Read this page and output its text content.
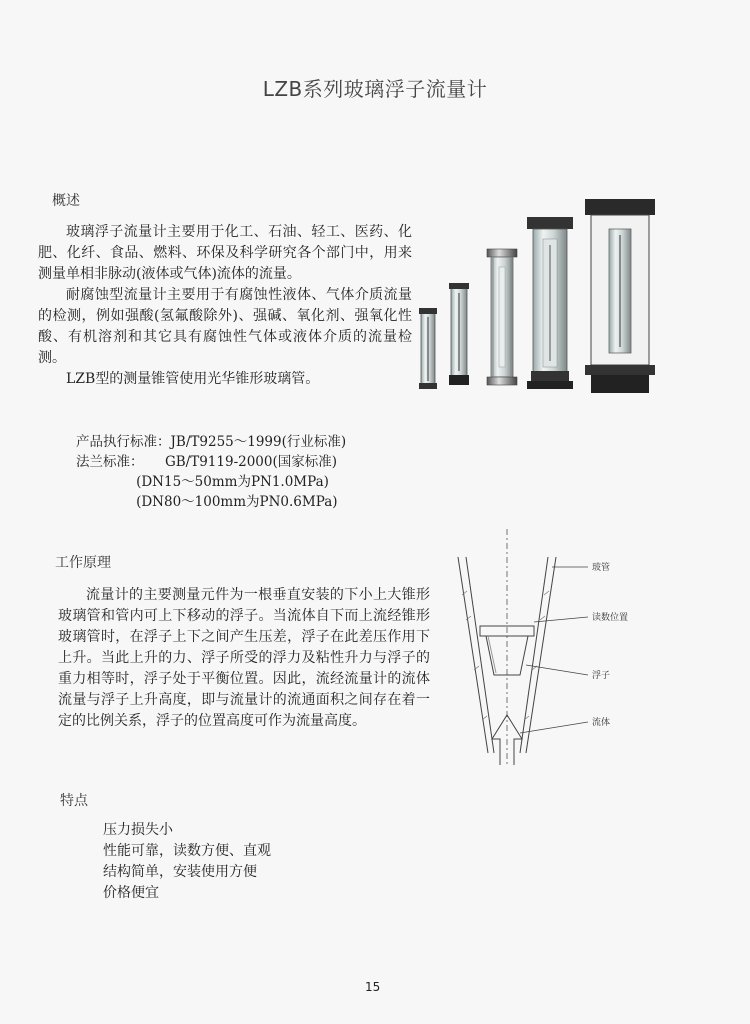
LZB系列玻璃浮子流量计
概述

玻璃浮子流量计主要用于化工、石油、轻工、医药、化肥、化纤、食品、燃料、环保及科学研究各个部门中，用来测量单相非脉动(液体或气体)流体的流量。

耐腐蚀型流量计主要用于有腐蚀性液体、气体介质流量的检测，例如强酸(氢氟酸除外)、强碱、氧化剂、强氧化性酸、有机溶剂和其它具有腐蚀性气体或液体介质的流量检测。

LZB型的测量锥管使用光华锥形玻璃管。

产品执行标准：JB/T9255～1999(行业标准)
法兰标准：     GB/T9119-2000(国家标准)
(DN15～50mm为PN1.0MPa)
(DN80～100mm为PN0.6MPa)
工作原理

流量计的主要测量元件为一根垂直安装的下小上大锥形玻璃管和管内可上下移动的浮子。当流体自下而上流经锥形玻璃管时，在浮子上下之间产生压差，浮子在此差压作用下上升。当此上升的力、浮子所受的浮力及粘性升力与浮子的重力相等时，浮子处于平衡位置。因此，流经流量计的流体流量与浮子上升高度，即与流量计的流通面积之间存在着一定的比例关系，浮子的位置高度可作为流量高度。

玻管
读数位置
浮子
流体
特点
压力损失小
性能可靠，读数方便、直观
结构简单，安装使用方便
价格便宜
15
